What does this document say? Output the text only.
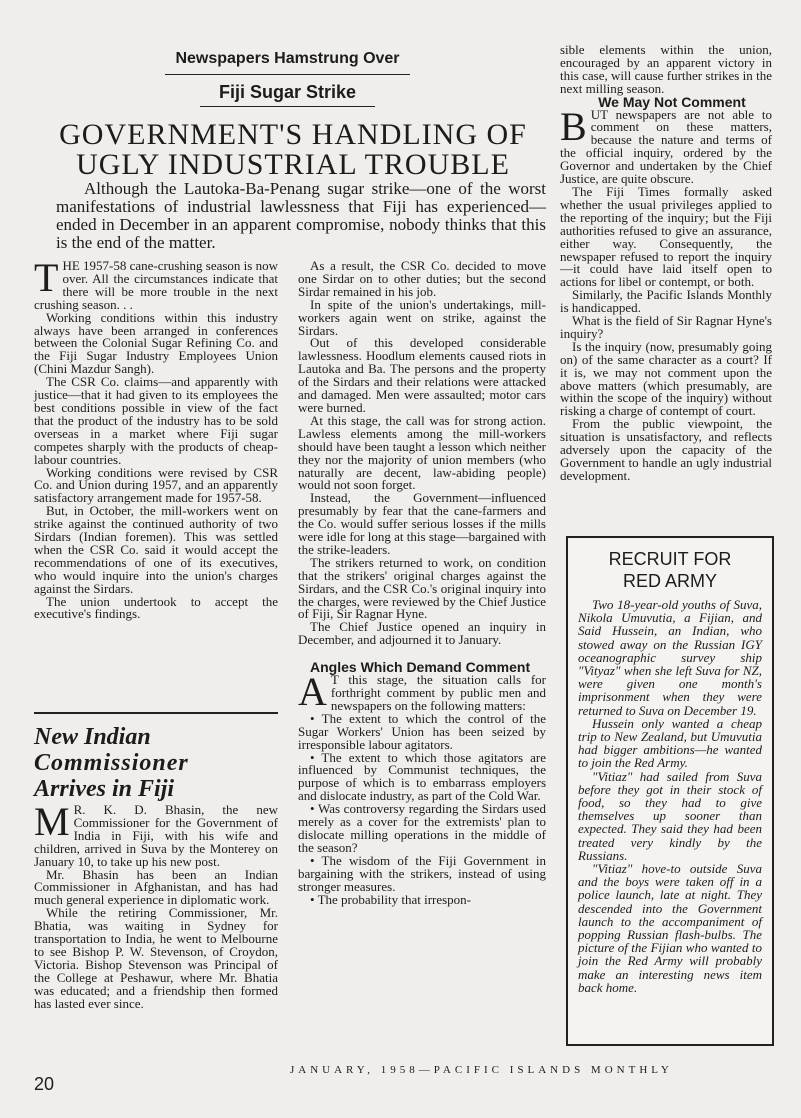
Newspapers Hamstrung Over
Fiji Sugar Strike
GOVERNMENT'S HANDLING OF
UGLY INDUSTRIAL TROUBLE
Although the Lautoka-Ba-Penang sugar strike—one of the worst manifestations of industrial lawlessness that Fiji has experienced—ended in December in an apparent compromise, nobody thinks that this is the end of the matter.

THE 1957-58 cane-crushing season is now over. All the circumstances indicate that there will be more trouble in the next crushing season. . .

Working conditions within this industry always have been arranged in conferences between the Colonial Sugar Refining Co. and the Fiji Sugar Industry Employees Union (Chini Mazdur Sangh).

The CSR Co. claims—and apparently with justice—that it had given to its employees the best conditions possible in view of the fact that the product of the industry has to be sold overseas in a market where Fiji sugar competes sharply with the products of cheap-labour countries.

Working conditions were revised by CSR Co. and Union during 1957, and an apparently satisfactory arrangement made for 1957-58.

But, in October, the mill-workers went on strike against the continued authority of two Sirdars (Indian foremen). This was settled when the CSR Co. said it would accept the recommendations of one of its executives, who would inquire into the union's charges against the Sirdars.

The union undertook to accept the executive's findings.

New Indian
Commissioner
Arrives in Fiji

M R. K. D. Bhasin, the new Commissioner for the Government of India in Fiji, with his wife and children, arrived in Suva by the Monterey on January 10, to take up his new post.

Mr. Bhasin has been an Indian Commissioner in Afghanistan, and has had much general experience in diplomatic work.

While the retiring Commissioner, Mr. Bhatia, was waiting in Sydney for transportation to India, he went to Melbourne to see Bishop P. W. Stevenson, of Croydon, Victoria. Bishop Stevenson was Principal of the College at Peshawur, where Mr. Bhatia was educated; and a friendship then formed has lasted ever since.

As a result, the CSR Co. decided to move one Sirdar on to other duties; but the second Sirdar remained in his job.

In spite of the union's undertakings, mill-workers again went on strike, against the Sirdars.

Out of this developed considerable lawlessness. Hoodlum elements caused riots in Lautoka and Ba. The persons and the property of the Sirdars and their relations were attacked and damaged. Men were assaulted; motor cars were burned.

At this stage, the call was for strong action. Lawless elements among the mill-workers should have been taught a lesson which neither they nor the majority of union members (who naturally are decent, law-abiding people) would not soon forget.

Instead, the Government—influenced presumably by fear that the cane-farmers and the Co. would suffer serious losses if the mills were idle for long at this stage—bargained with the strike-leaders.

The strikers returned to work, on condition that the strikers' original charges against the Sirdars, and the CSR Co.'s original inquiry into the charges, were reviewed by the Chief Justice of Fiji, Sir Ragnar Hyne.

The Chief Justice opened an inquiry in December, and adjourned it to January.

Angles Which Demand Comment

A T this stage, the situation calls for forthright comment by public men and newspapers on the following matters:

• The extent to which the control of the Sugar Workers' Union has been seized by irresponsible labour agitators.

• The extent to which those agitators are influenced by Communist techniques, the purpose of which is to embarrass employers and dislocate industry, as part of the Cold War.

• Was controversy regarding the Sirdars used merely as a cover for the extremists' plan to dislocate milling operations in the middle of the season?

• The wisdom of the Fiji Government in bargaining with the strikers, instead of using stronger measures.

• The probability that irrespon-

sible elements within the union, encouraged by an apparent victory in this case, will cause further strikes in the next milling season.

We May Not Comment

BUT newspapers are not able to comment on these matters, because the nature and terms of the official inquiry, ordered by the Governor and undertaken by the Chief Justice, are quite obscure.

The Fiji Times formally asked whether the usual privileges applied to the reporting of the inquiry; but the Fiji authorities refused to give an assurance, either way. Consequently, the newspaper refused to report the inquiry—it could have laid itself open to actions for libel or contempt, or both.

Similarly, the Pacific Islands Monthly is handicapped.

What is the field of Sir Ragnar Hyne's inquiry?

Is the inquiry (now, presumably going on) of the same character as a court? If it is, we may not comment upon the above matters (which presumably, are within the scope of the inquiry) without risking a charge of contempt of court.

From the public viewpoint, the situation is unsatisfactory, and reflects adversely upon the capacity of the Government to handle an ugly industrial development.

RECRUIT FOR
RED ARMY

Two 18-year-old youths of Suva, Nikola Umuvutia, a Fijian, and Said Hussein, an Indian, who stowed away on the Russian IGY oceanographic survey ship "Vityaz" when she left Suva for NZ, were given one month's imprisonment when they were returned to Suva on December 19.

Hussein only wanted a cheap trip to New Zealand, but Umuvutia had bigger ambitions—he wanted to join the Red Army.

"Vitiaz" had sailed from Suva before they got in their stock of food, so they had to give themselves up sooner than expected. They said they had been treated very kindly by the Russians.

"Vitiaz" hove-to outside Suva and the boys were taken off in a police launch, late at night. They descended into the Government launch to the accompaniment of popping Russian flash-bulbs. The picture of the Fijian who wanted to join the Red Army will probably make an interesting news item back home.

20
JANUARY, 1958—PACIFIC ISLANDS MONTHLY
